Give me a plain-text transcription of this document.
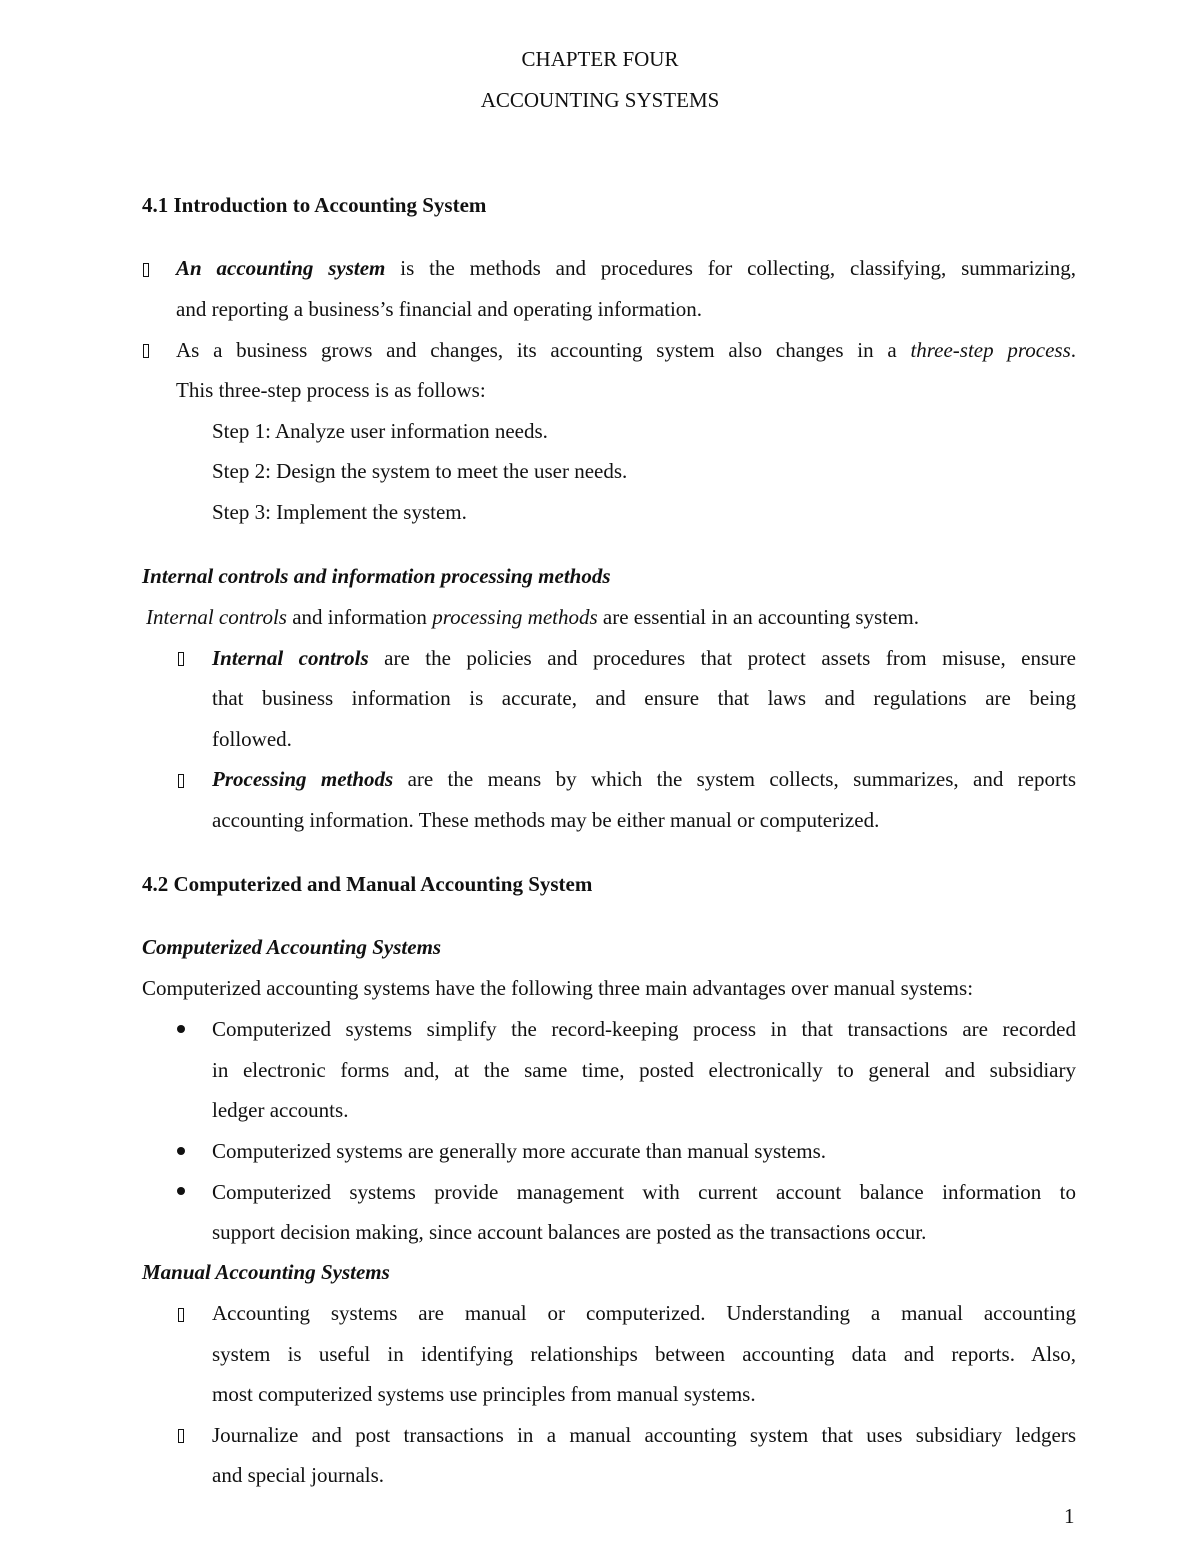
CHAPTER FOUR
ACCOUNTING SYSTEMS
4.1 Introduction to Accounting System
An accounting system is the methods and procedures for collecting, classifying, summarizing,
and reporting a business’s financial and operating information.
As a business grows and changes, its accounting system also changes in a three-step process.
This three-step process is as follows:
Step 1: Analyze user information needs.
Step 2: Design the system to meet the user needs.
Step 3: Implement the system.
Internal controls and information processing methods
Internal controls and information processing methods are essential in an accounting system.
Internal controls are the policies and procedures that protect assets from misuse, ensure
that business information is accurate, and ensure that laws and regulations are being
followed.
Processing methods are the means by which the system collects, summarizes, and reports
accounting information. These methods may be either manual or computerized.
4.2 Computerized and Manual Accounting System
Computerized Accounting Systems
Computerized accounting systems have the following three main advantages over manual systems:
Computerized systems simplify the record-keeping process in that transactions are recorded
in electronic forms and, at the same time, posted electronically to general and subsidiary
ledger accounts.
Computerized systems are generally more accurate than manual systems.
Computerized systems provide management with current account balance information to
support decision making, since account balances are posted as the transactions occur.
Manual Accounting Systems
Accounting systems are manual or computerized. Understanding a manual accounting
system is useful in identifying relationships between accounting data and reports. Also,
most computerized systems use principles from manual systems.
Journalize and post transactions in a manual accounting system that uses subsidiary ledgers
and special journals.
1
